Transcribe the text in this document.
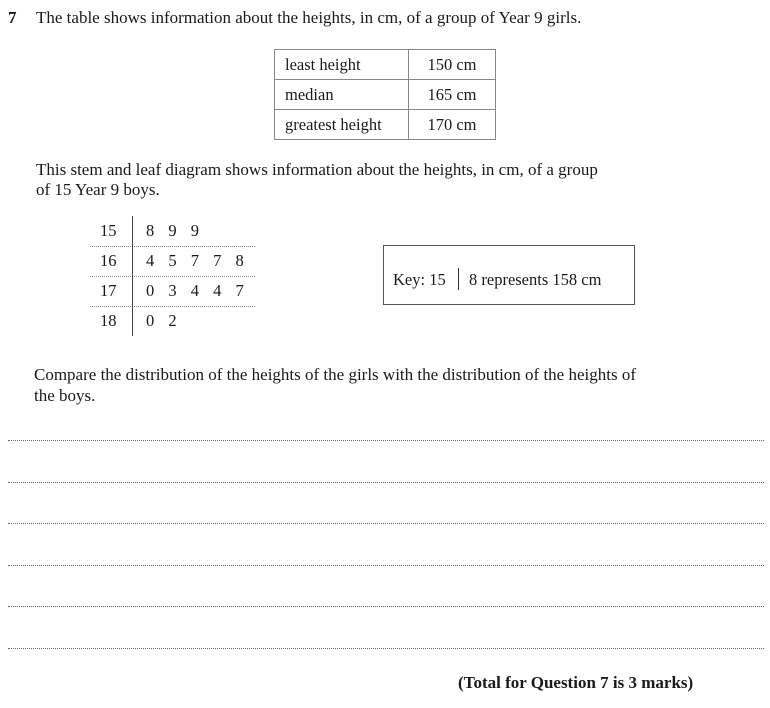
7 The table shows information about the heights, in cm, of a group of Year 9 girls.
least height	150 cm
median	165 cm
greatest height	170 cm
This stem and leaf diagram shows information about the heights, in cm, of a group
of 15 Year 9 boys.
15 8 9 9
16 4 5 7 7 8
17 0 3 4 4 7
18 0 2
Key: 15 8 represents 158 cm
Compare the distribution of the heights of the girls with the distribution of the heights of
the boys.
(Total for Question 7 is 3 marks)
